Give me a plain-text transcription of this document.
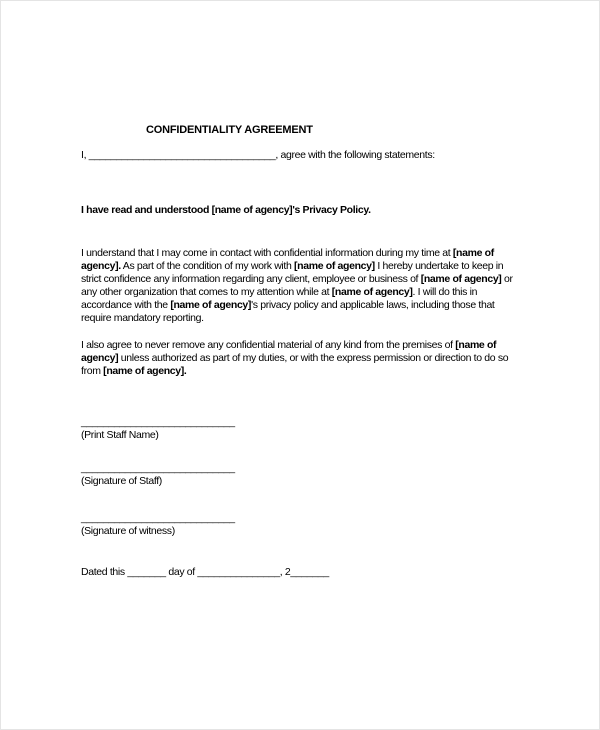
CONFIDENTIALITY AGREEMENT

I, __________________________________, agree with the following statements:

I have read and understood [name of agency]'s Privacy Policy.

I understand that I may come in contact with confidential information during my time at [name of agency]. As part of the condition of my work with [name of agency] I hereby undertake to keep in strict confidence any information regarding any client, employee or business of [name of agency] or any other organization that comes to my attention while at [name of agency]. I will do this in accordance with the [name of agency]'s privacy policy and applicable laws, including those that require mandatory reporting.

I also agree to never remove any confidential material of any kind from the premises of [name of agency] unless authorized as part of my duties, or with the express permission or direction to do so from [name of agency].

____________________________
(Print Staff Name)
____________________________
(Signature of Staff)
____________________________
(Signature of witness)

Dated this _______ day of _______________, 2_______
